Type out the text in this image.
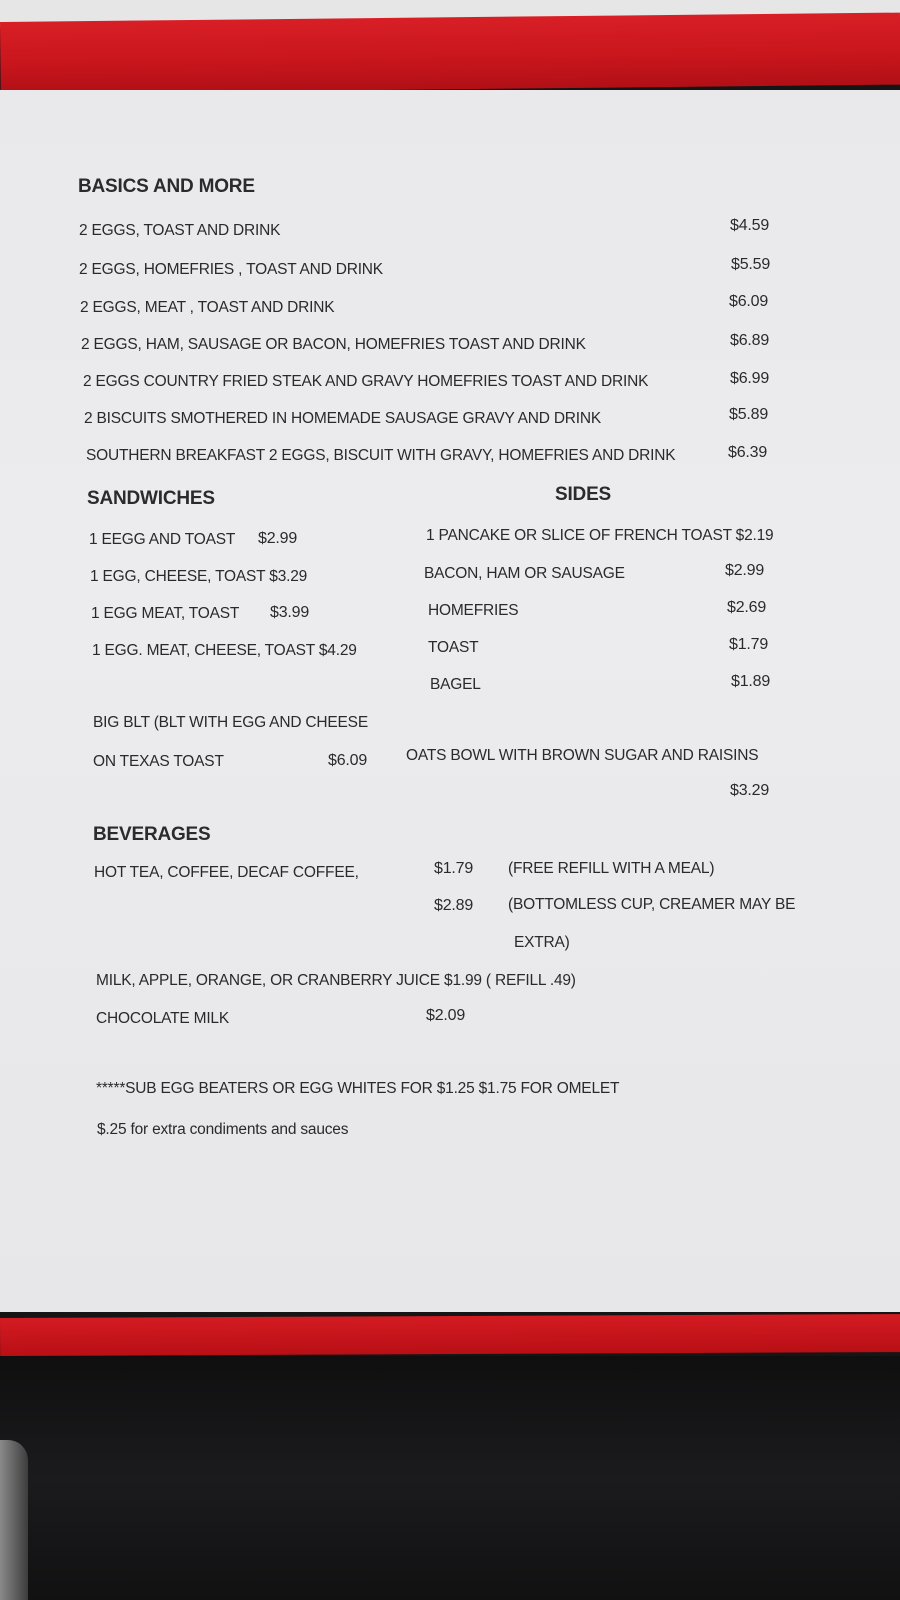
BASICS AND MORE
2 EGGS, TOAST AND DRINK	$4.59
2 EGGS, HOMEFRIES , TOAST AND DRINK	$5.59
2 EGGS, MEAT , TOAST AND DRINK	$6.09
2 EGGS, HAM, SAUSAGE OR BACON, HOMEFRIES TOAST AND DRINK	$6.89
2 EGGS COUNTRY FRIED STEAK AND GRAVY HOMEFRIES TOAST AND DRINK	$6.99
2 BISCUITS SMOTHERED IN HOMEMADE SAUSAGE GRAVY AND DRINK	$5.89
SOUTHERN BREAKFAST 2 EGGS, BISCUIT WITH GRAVY, HOMEFRIES AND DRINK	$6.39
SANDWICHES
1 EEGG AND TOAST $2.99
1 EGG, CHEESE, TOAST $3.29
1 EGG MEAT, TOAST $3.99
1 EGG. MEAT, CHEESE, TOAST $4.29
BIG BLT (BLT WITH EGG AND CHEESE
ON TEXAS TOAST	$6.09
SIDES
1 PANCAKE OR SLICE OF FRENCH TOAST $2.19
BACON, HAM OR SAUSAGE	$2.99
HOMEFRIES	$2.69
TOAST	$1.79
BAGEL	$1.89
OATS BOWL WITH BROWN SUGAR AND RAISINS
$3.29
BEVERAGES
HOT TEA, COFFEE, DECAF COFFEE,	$1.79 (FREE REFILL WITH A MEAL)
$2.89 (BOTTOMLESS CUP, CREAMER MAY BE
EXTRA)
MILK, APPLE, ORANGE, OR CRANBERRY JUICE $1.99 ( REFILL .49)
CHOCOLATE MILK	$2.09
*****SUB EGG BEATERS OR EGG WHITES FOR $1.25 $1.75 FOR OMELET
$.25 for extra condiments and sauces
